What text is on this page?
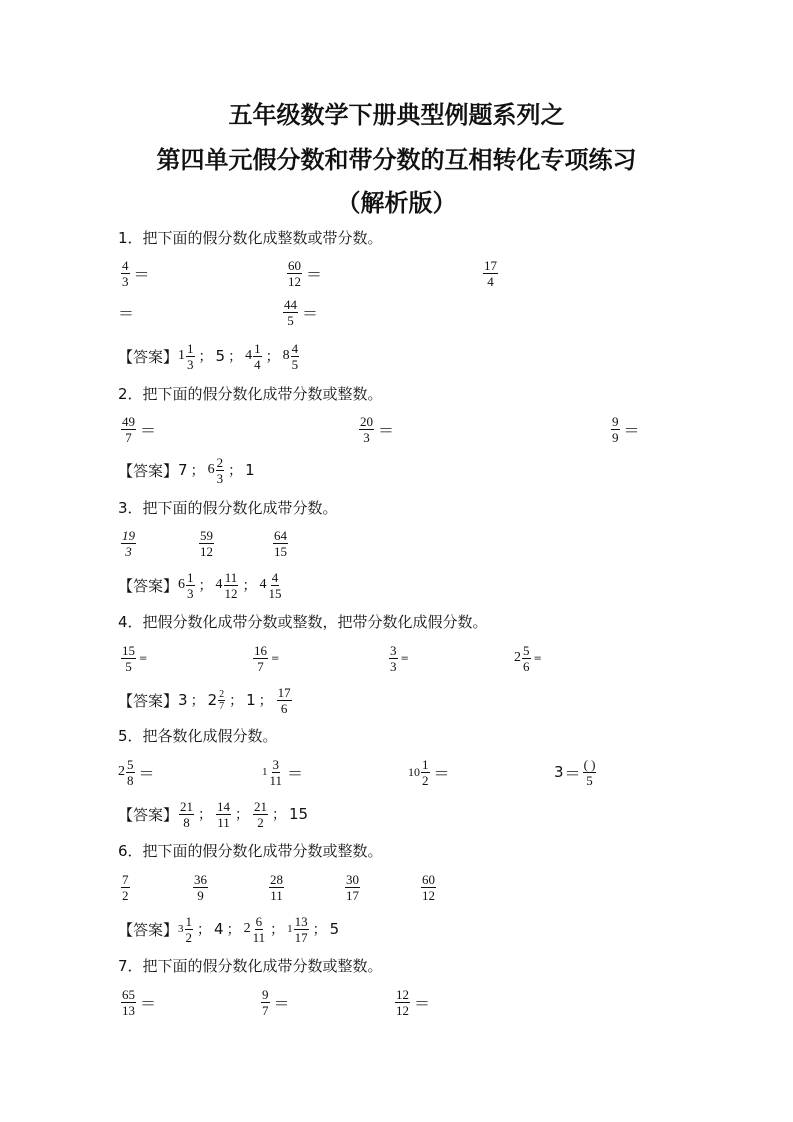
五年级数学下册典型例题系列之
第四单元假分数和带分数的互相转化专项练习
（解析版）
1．把下面的假分数化成整数或带分数。
$\frac{4}{3}$ ＝	$\frac{60}{12}$ ＝	$\frac{17}{4}$
＝	$\frac{44}{5}$ ＝
【答案】 $1 \frac{1}{3}$ ； 5 ； $4 \frac{1}{4}$ ； $8 \frac{4}{5}$
2．把下面的假分数化成带分数或整数。
$\frac{49}{7}$ ＝	$\frac{20}{3}$ ＝	$\frac{9}{9}$ ＝
【答案】 7 ； $6 \frac{2}{3}$ ； 1
3．把下面的假分数化成带分数。
$\frac{19}{3}$	$\frac{59}{12}$	$\frac{64}{15}$
【答案】 $6 \frac{1}{3}$ ； $4 \frac{11}{12}$ ； $4 \frac{4}{15}$
4．把假分数化成带分数或整数，把带分数化成假分数。
$\frac{15}{5}$ =	$\frac{16}{7}$ =	$\frac{3}{3}$ =	$2 \frac{5}{6}$ =
【答案】 3 ； $2 \frac{2}{7}$ ； 1 ； $\frac{17}{6}$
5．把各数化成假分数。
$2 \frac{5}{8}$ ＝	$1 \frac{3}{11}$ ＝	$10 \frac{1}{2}$ ＝	$3 = \frac{( )}{5}$
【答案】 $\frac{21}{8}$ ； $\frac{14}{11}$ ； $\frac{21}{2}$ ； 15
6．把下面的假分数化成带分数或整数。
$\frac{7}{2}$	$\frac{36}{9}$	$\frac{28}{11}$	$\frac{30}{17}$	$\frac{60}{12}$
【答案】 $3 \frac{1}{2}$ ； 4 ； $2 \frac{6}{11}$ ； $1 \frac{13}{17}$ ； 5
7．把下面的假分数化成带分数或整数。
$\frac{65}{13}$ ＝	$\frac{9}{7}$ ＝	$\frac{12}{12}$ ＝
